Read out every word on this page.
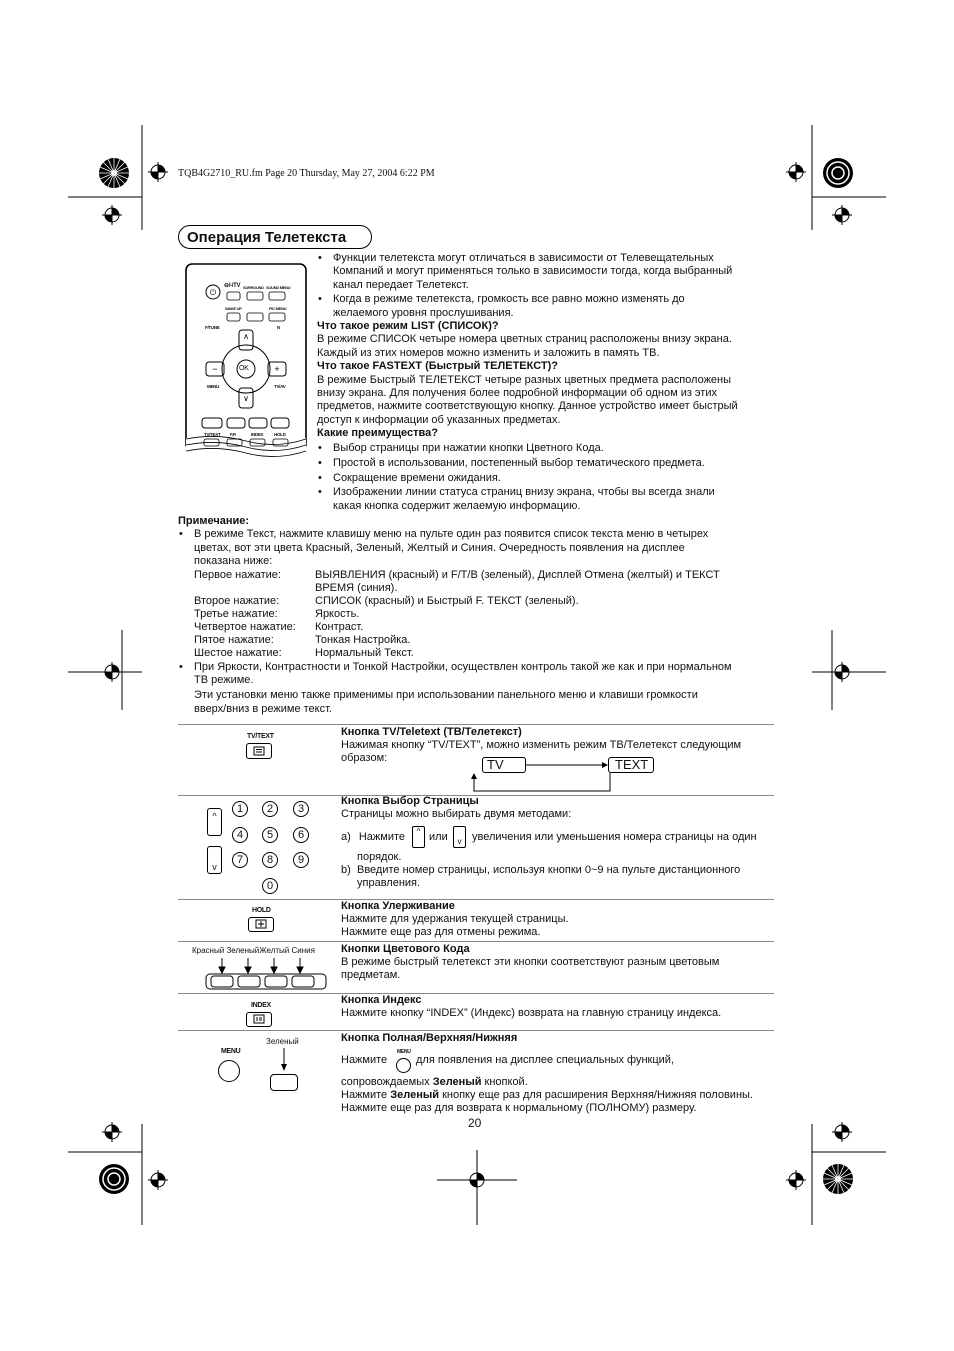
TQB4G2710_RU.fm Page 20 Thursday, May 27, 2004 6:22 PM
Операция Телетекста
⏻
∧
∨
−	+
⊖/-/TV SURROUND SOUND MENU
WAKE UP	PIC MENU
F/TUNE	N
MENU	TV/AV
OK
TV/TEXT F.P.	INDEX HOLD
• Функции телетекста могут отличаться в зависимости от Телевещательных
Компаний и могут применяться только в зависимости тогда, когда выбранный
канал передает Телетекст.
• Когда в режиме телетекста, громкость все равно можно изменять до
желаемого уровня прослушивания.
Что такое режим LIST (СПИСОК)?
В режиме СПИСОК четыре номера цветных страниц расположены внизу экрана.
Каждый из этих номеров можно изменить и заложить в память ТВ.
Что такое FASTEXT (Быстрый ТЕЛЕТЕКСТ)?
В режиме Быстрый ТЕЛЕТЕКСТ четыре разных цветных предмета расположены
внизу экрана. Для получения более подробной информации об одном из этих
предметов, нажмите соответствующую кнопку. Данное устройство имеет быстрый
доступ к информации об указанных предметах.
Какие преимущества?
• Выбор страницы при нажатии кнопки Цветного Кода.
• Простой в использовании, постепенный выбор тематического предмета.
• Сокращение времени ожидания.
• Изображении линии статуса страниц внизу экрана, чтобы вы всегда знали
какая кнопка содержит желаемую информацию.
Примечание:
• В режиме Текст, нажмите клавишу меню на пульте один раз появится список текста меню в четырех
цветах, вот эти цвета Красный, Зеленый, Желтый и Синия. Очередность появления на дисплее
показана ниже:
Первое нажатие:	ВЫЯВЛЕНИЯ (красный) и F/T/B (зеленый), Дисплей Отмена (желтый) и ТЕКСТ
ВРЕМЯ (синия).
Второе нажатие:	СПИСОК (красный) и Быстрый F. ТЕКСТ (зеленый).
Третье нажатие:	Яркость.
Четвертое нажатие:	Контраст.
Пятое нажатие:	Тонкая Настройка.
Шестое нажатие:	Нормальный Текст.
• При Яркости, Контрастности и Тонкой Настройки, осуществлен контроль такой же как и при нормальном
ТВ режиме.
Эти установки меню также применимы при использовании панельного меню и клавиши громкости
вверх/вниз в режиме текст.
TV/TEXT	Кнопка TV/Teletext (ТВ/Телетекст)
Нажимая кнопку “TV/TEXT”, можно изменить режим ТВ/Телетекст следующим
образом:	TV	TEXT
^
v
1	2	3
4	5	6
7	8	9
0
Кнопка Выбор Страницы
Страницы можно выбирать двумя методами:
a) Нажмите	^ или	v увеличения или уменьшения номера страницы на один
порядок.
b) Введите номер страницы, используя кнопки 0~9 на пульте дистанционного
управления.
HOLD	Кнопка Улерживание
Нажмите для удержания текущей страницы.
Нажмите еще раз для отмены режима.
Красный ЗеленыйЖелтый Синия Кнопки Цветового Кода
В режиме быстрый телетекст эти кнопки соответствуют разным цветовым
предметам.
INDEX	Кнопка Индекс
Нажмите кнопку “INDEX” (Индекс) возврата на главную страницу индекса.
Зеленый
MENU
Кнопка Полная/Верхняя/Нижняя
Нажмите
MENU
для появления на дисплее специальных функций,
сопровождаемых Зеленый кнопкой.
Нажмите Зеленый кнопку еще раз для расширения Верхняя/Нижняя половины.
Нажмите еще раз для возврата к нормальному (ПОЛНОМУ) размеру.
20
